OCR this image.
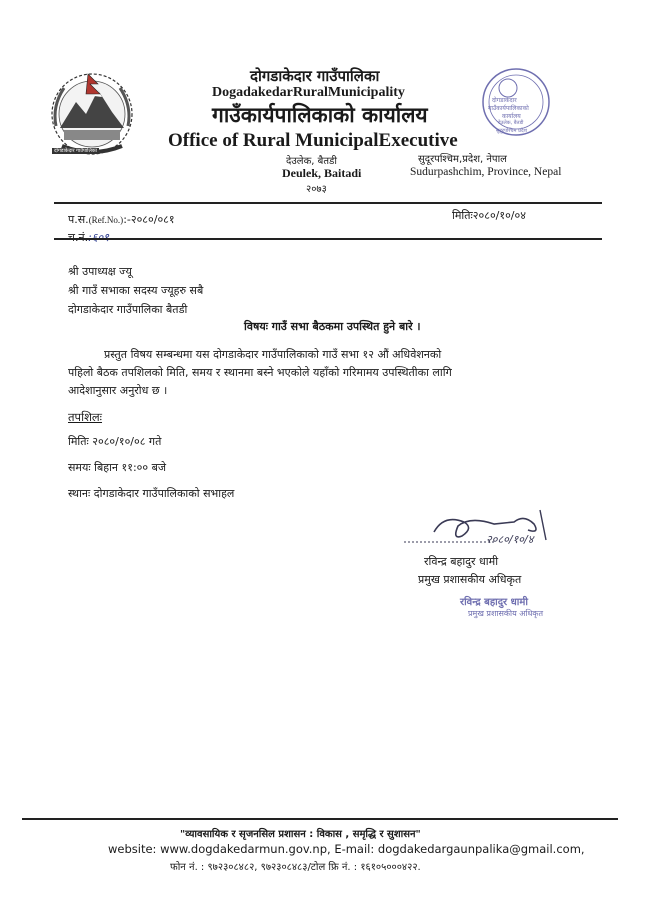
दोगडाकेदार गाउँपालिका
दोगडाकेदार गाउँपालिका
DogadakedarRuralMunicipality
गाउँकार्यपालिकाको कार्यालय
Office of Rural MunicipalExecutive
देउलेक, बैतडी
Deulek, Baitadi
२०७३
सुदूरपश्चिम,प्रदेश, नेपाल
Sudurpashchim, Province, Nepal
दोगडाकेदार
गाउँकार्यपालिकाको
कार्यालय
देउलेक, बैतडी
सुदूरपश्चिम प्रदेश
प.स.(Ref.No.):-२०८०/०८१	मितिः२०८०/१०/०४
श्री उपाध्यक्ष ज्यू
श्री गाउँ सभाका सदस्य ज्यूहरु सबै
दोगडाकेदार गाउँपालिका बैतडी
विषयः गाउँ सभा बैठकमा उपस्थित हुने बारे ।
प्रस्तुत विषय सम्बन्धमा यस दोगडाकेदार गाउँपालिकाको गाउँ सभा १२ औं अधिवेशनको
पहिलो बैठक तपशिलको मिति, समय र स्थानमा बस्ने भएकोले यहाँको गरिमामय उपस्थितीका लागि
आदेशानुसार अनुरोध छ ।
तपशिलः
मितिः २०८०/१०/०८ गते
समयः बिहान ११:०० बजे
स्थानः दोगडाकेदार गाउँपालिकाको सभाहल
२०८०/१०/४
रविन्द्र बहादुर धामी
प्रमुख प्रशासकीय अधिकृत
रविन्द्र बहादुर धामी
प्रमुख प्रशासकीय अधिकृत
"व्यावसायिक र सृजनसिल प्रशासन : विकास , समृद्धि र सुशासन"
website: www.dogdakedarmun.gov.np, E-mail: dogdakedargaunpalika@gmail.com,
फोन नं. : ९७२३०८४८२, ९७२३०८४८३/टोल फ्रि नं. : १६१०५०००४२२.
